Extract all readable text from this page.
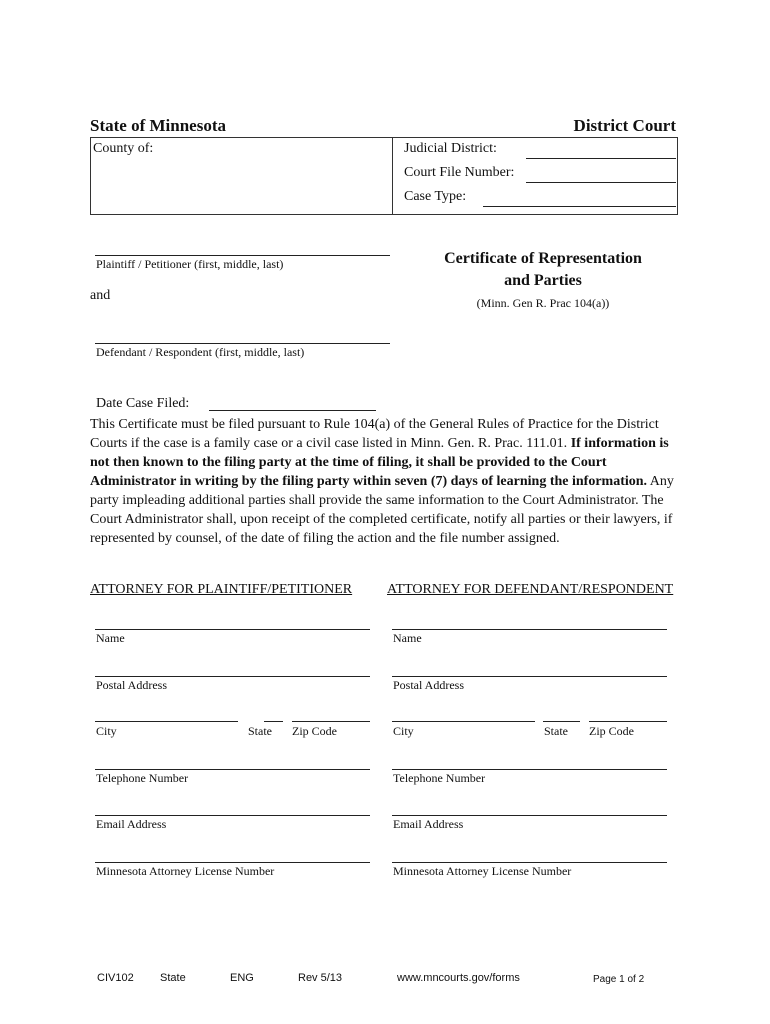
State of Minnesota	District Court
County of:	Judicial District:
Court File Number:
Case Type:
Plaintiff / Petitioner (first, middle, last)
and
Defendant / Respondent (first, middle, last)
Certificate of Representation
and Parties
(Minn. Gen R. Prac 104(a))
Date Case Filed:
This Certificate must be filed pursuant to Rule 104(a) of the General Rules of Practice for the District Courts if the case is a family case or a civil case listed in Minn. Gen. R. Prac. 111.01. If information is not then known to the filing party at the time of filing, it shall be provided to the Court Administrator in writing by the filing party within seven (7) days of learning the information. Any party impleading additional parties shall provide the same information to the Court Administrator. The Court Administrator shall, upon receipt of the completed certificate, notify all parties or their lawyers, if represented by counsel, of the date of filing the action and the file number assigned.
ATTORNEY FOR PLAINTIFF/PETITIONER
Name
Postal Address
City	State Zip Code
Telephone Number
Email Address
Minnesota Attorney License Number
ATTORNEY FOR DEFENDANT/RESPONDENT
Name
Postal Address
City	State Zip Code
Telephone Number
Email Address
Minnesota Attorney License Number
CIV102 State	ENG	Rev 5/13	www.mncourts.gov/forms	Page 1 of 2
